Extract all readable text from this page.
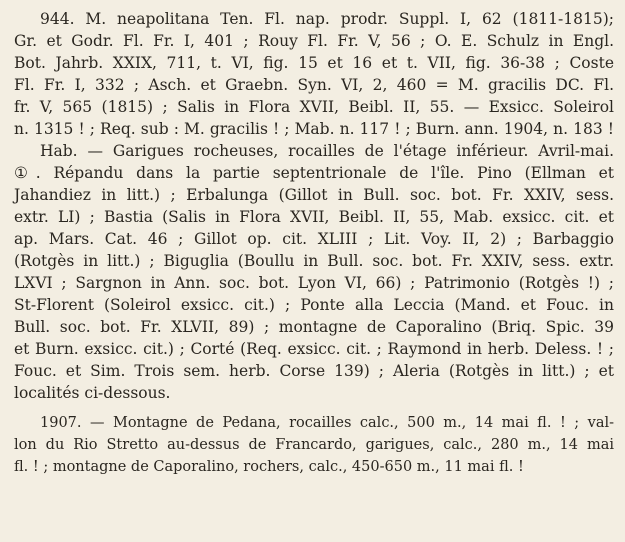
944. M. neapolitana Ten. Fl. nap. prodr. Suppl. I, 62 (1811-1815);
Gr. et Godr. Fl. Fr. I, 401 ; Rouy Fl. Fr. V, 56 ; O. E. Schulz in Engl.
Bot. Jahrb. XXIX, 711, t. VI, fig. 15 et 16 et t. VII, fig. 36-38 ; Coste
Fl. Fr. I, 332 ; Asch. et Graebn. Syn. VI, 2, 460 = M. gracilis DC. Fl.
fr. V, 565 (1815) ; Salis in Flora XVII, Beibl. II, 55. — Exsicc. Soleirol
n. 1315 ! ; Req. sub : M. gracilis ! ; Mab. n. 117 ! ; Burn. ann. 1904, n. 183 !
Hab. — Garigues rocheuses, rocailles de l'étage inférieur. Avril-mai.
①. Répandu dans la partie septentrionale de l'île. Pino (Ellman et
Jahandiez in litt.) ; Erbalunga (Gillot in Bull. soc. bot. Fr. XXIV, sess.
extr. LI) ; Bastia (Salis in Flora XVII, Beibl. II, 55, Mab. exsicc. cit. et
ap. Mars. Cat. 46 ; Gillot op. cit. XLIII ; Lit. Voy. II, 2) ; Barbaggio
(Rotgès in litt.) ; Biguglia (Boullu in Bull. soc. bot. Fr. XXIV, sess. extr.
LXVI ; Sargnon in Ann. soc. bot. Lyon VI, 66) ; Patrimonio (Rotgès !) ;
St-Florent (Soleirol exsicc. cit.) ; Ponte alla Leccia (Mand. et Fouc. in
Bull. soc. bot. Fr. XLVII, 89) ; montagne de Caporalino (Briq. Spic. 39
et Burn. exsicc. cit.) ; Corté (Req. exsicc. cit. ; Raymond in herb. Deless. ! ;
Fouc. et Sim. Trois sem. herb. Corse 139) ; Aleria (Rotgès in litt.) ; et
localités ci-dessous.
1907. — Montagne de Pedana, rocailles calc., 500 m., 14 mai fl. ! ; val-
lon du Rio Stretto au-dessus de Francardo, garigues, calc., 280 m., 14 mai
fl. ! ; montagne de Caporalino, rochers, calc., 450-650 m., 11 mai fl. !
